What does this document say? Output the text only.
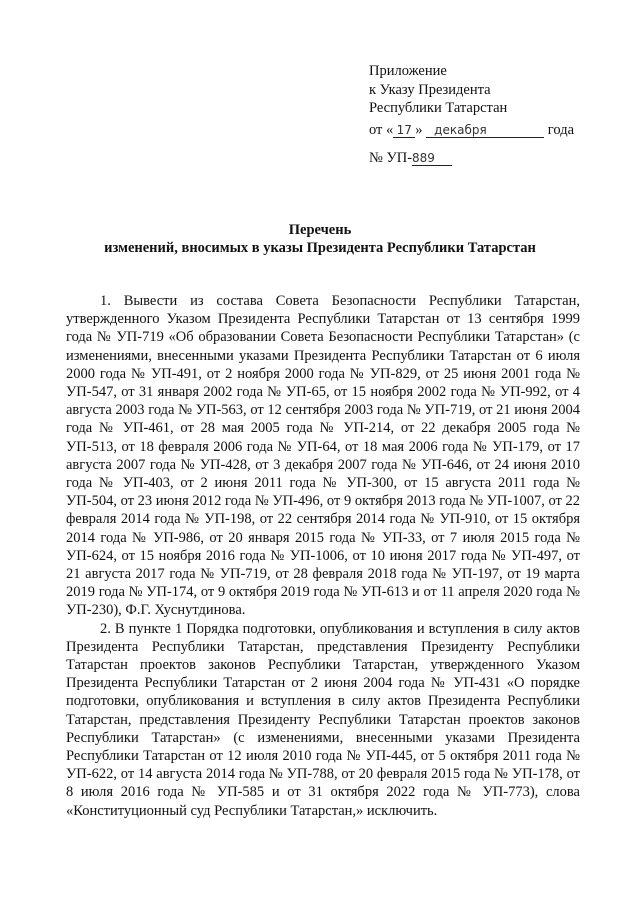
Приложение
к Указу Президента
Республики Татарстан
от « 17 » декабря	года
№ УП-889
Перечень
изменений, вносимых в указы Президента Республики Татарстан

1. Вывести из состава Совета Безопасности Республики Татарстан, утвержденного Указом Президента Республики Татарстан от 13 сентября 1999 года № УП-719 «Об образовании Совета Безопасности Республики Татарстан» (с изменениями, внесенными указами Президента Республики Татарстан от 6 июля 2000 года № УП-491, от 2 ноября 2000 года № УП-829, от 25 июня 2001 года № УП-547, от 31 января 2002 года № УП-65, от 15 ноября 2002 года № УП-992, от 4 августа 2003 года № УП-563, от 12 сентября 2003 года № УП-719, от 21 июня 2004 года № УП-461, от 28 мая 2005 года № УП-214, от 22 декабря 2005 года № УП-513, от 18 февраля 2006 года № УП-64, от 18 мая 2006 года № УП-179, от 17 августа 2007 года № УП-428, от 3 декабря 2007 года № УП-646, от 24 июня 2010 года № УП-403, от 2 июня 2011 года № УП-300, от 15 августа 2011 года № УП-504, от 23 июня 2012 года № УП-496, от 9 октября 2013 года № УП-1007, от 22 февраля 2014 года № УП-198, от 22 сентября 2014 года № УП-910, от 15 октября 2014 года № УП-986, от 20 января 2015 года № УП-33, от 7 июля 2015 года № УП-624, от 15 ноября 2016 года № УП-1006, от 10 июня 2017 года № УП-497, от 21 августа 2017 года № УП-719, от 28 февраля 2018 года № УП-197, от 19 марта 2019 года № УП-174, от 9 октября 2019 года № УП-613 и от 11 апреля 2020 года № УП-230), Ф.Г. Хуснутдинова.

2. В пункте 1 Порядка подготовки, опубликования и вступления в силу актов Президента Республики Татарстан, представления Президенту Республики Татарстан проектов законов Республики Татарстан, утвержденного Указом Президента Республики Татарстан от 2 июня 2004 года № УП-431 «О порядке подготовки, опубликования и вступления в силу актов Президента Республики Татарстан, представления Президенту Республики Татарстан проектов законов Республики Татарстан» (с изменениями, внесенными указами Президента Республики Татарстан от 12 июля 2010 года № УП-445, от 5 октября 2011 года № УП-622, от 14 августа 2014 года № УП-788, от 20 февраля 2015 года № УП-178, от 8 июля 2016 года № УП-585 и от 31 октября 2022 года № УП-773), слова «Конституционный суд Республики Татарстан,» исключить.
